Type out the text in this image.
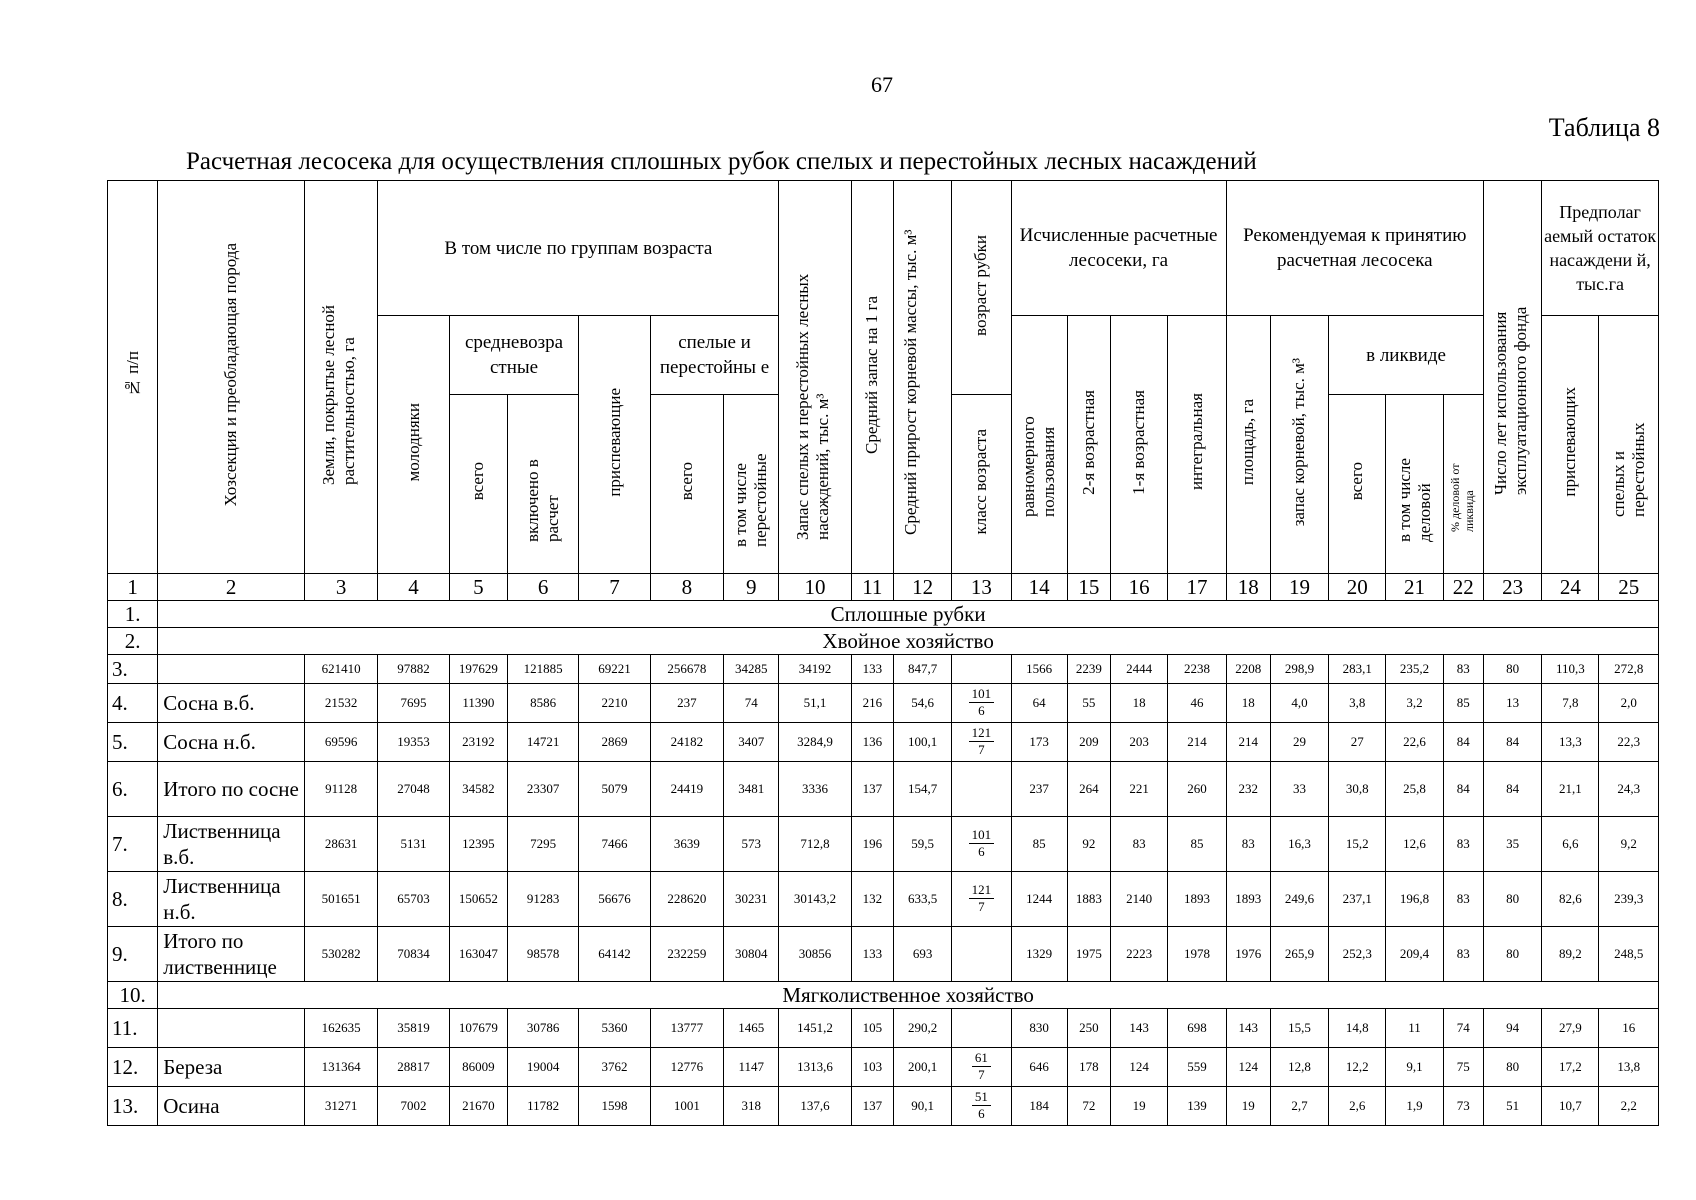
67
Таблица 8
Расчетная лесосека для осуществления сплошных рубок спелых и перестойных лесных насаждений
№ п/п	Хозсекция и преобладающая порода	Земли, покрытые лесной растительностью, га	В том числе по группам возраста						Запас спелых и перестойных лесных насаждений, тыс. м³	Средний запас на 1 га	Средний прирост корневой массы, тыс. м³	возраст рубки	Исчисленные расчетные лесосеки, га				Рекомендуемая к принятию расчетная лесосека					Число лет использования эксплуатационного фонда	Предполаг аемый остаток насаждени й, тыс.га	
			молодняки	средневозра стные		приспевающие	спелые и перестойны е						равномерного пользования	2-я возрастная	1-я возрастная	интегральная	площадь, га	запас корневой, тыс. м³	в ликвиде				приспевающих	спелых и перестойных
				всего	включено в расчет		всего	в том числе перестойные				класс возраста							всего	в том числе деловой	% деловой от ликвида			
1	2	3	4	5	6	7	8	9	10	11	12	13	14	15	16	17	18	19	20	21	22	23	24	25
1.	Сплошные рубки																							
2.	Хвойное хозяйство																							
3.		621410	97882	197629	121885	69221	256678	34285	34192	133	847,7		1566	2239	2444	2238	2208	298,9	283,1	235,2	83	80	110,3	272,8
4.	Сосна в.б.	21532	7695	11390	8586	2210	237	74	51,1	216	54,6	$\frac{101}{6}$	64	55	18	46	18	4,0	3,8	3,2	85	13	7,8	2,0
5.	Сосна н.б.	69596	19353	23192	14721	2869	24182	3407	3284,9	136	100,1	$\frac{121}{7}$	173	209	203	214	214	29	27	22,6	84	84	13,3	22,3
6.	Итого по сосне	91128	27048	34582	23307	5079	24419	3481	3336	137	154,7		237	264	221	260	232	33	30,8	25,8	84	84	21,1	24,3
7.	Лиственница в.б.	28631	5131	12395	7295	7466	3639	573	712,8	196	59,5	$\frac{101}{6}$	85	92	83	85	83	16,3	15,2	12,6	83	35	6,6	9,2
8.	Лиственница н.б.	501651	65703	150652	91283	56676	228620	30231	30143,2	132	633,5	$\frac{121}{7}$	1244	1883	2140	1893	1893	249,6	237,1	196,8	83	80	82,6	239,3
9.	Итого по лиственнице	530282	70834	163047	98578	64142	232259	30804	30856	133	693		1329	1975	2223	1978	1976	265,9	252,3	209,4	83	80	89,2	248,5
10.	Мягколиственное хозяйство																							
11.		162635	35819	107679	30786	5360	13777	1465	1451,2	105	290,2		830	250	143	698	143	15,5	14,8	11	74	94	27,9	16
12.	Береза	131364	28817	86009	19004	3762	12776	1147	1313,6	103	200,1	$\frac{61}{7}$	646	178	124	559	124	12,8	12,2	9,1	75	80	17,2	13,8
13.	Осина	31271	7002	21670	11782	1598	1001	318	137,6	137	90,1	$\frac{51}{6}$	184	72	19	139	19	2,7	2,6	1,9	73	51	10,7	2,2
